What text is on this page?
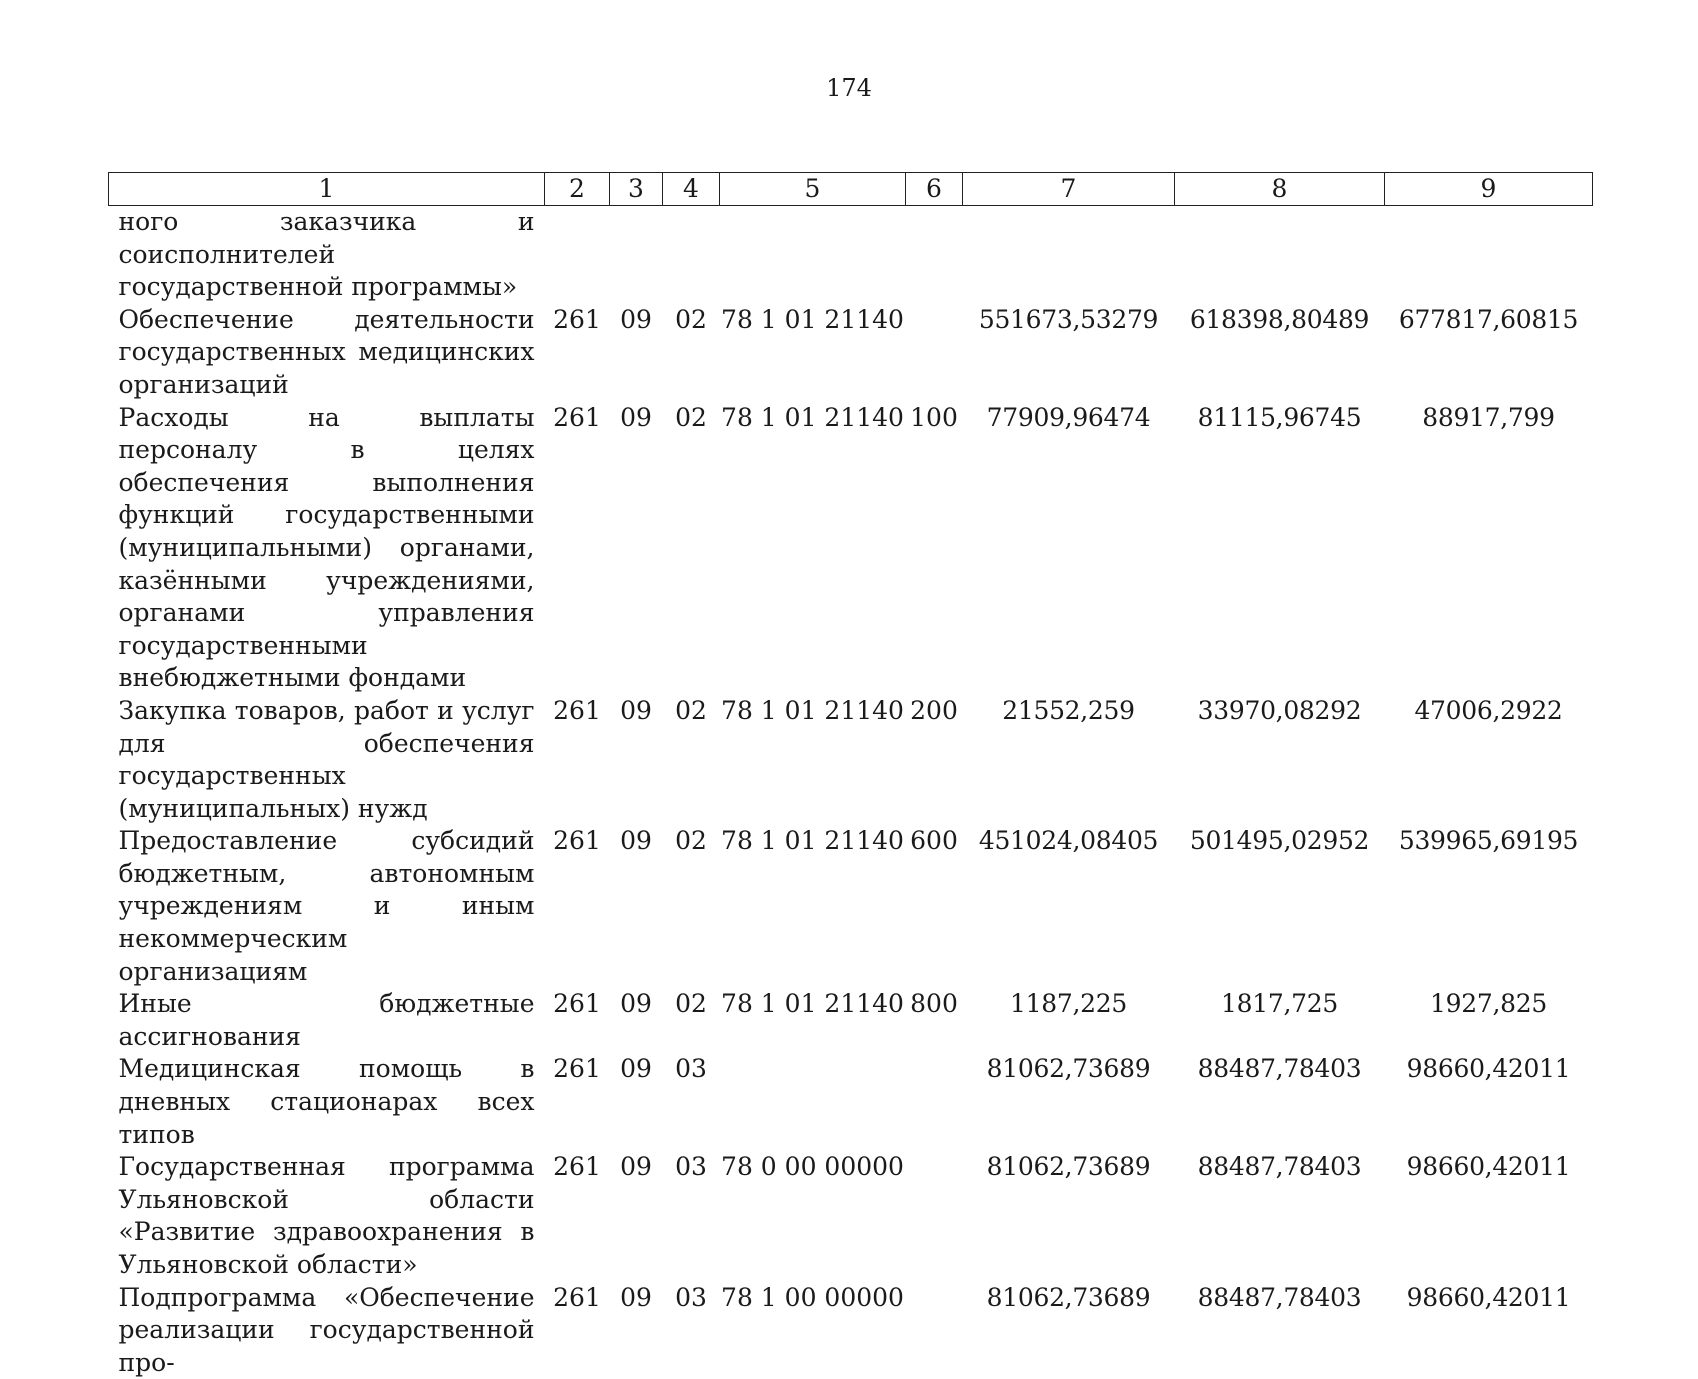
174
1	2	3	4	5	6	7	8	9
ного заказчика и соисполнителей государственной программы»								
Обеспечение деятельности государственных медицинских организаций	261	09	02	78 1 01 21140		551673,53279	618398,80489	677817,60815
Расходы на выплаты персоналу в целях обеспечения выполнения функций государственными (муниципальными) органами, казёнными учреждениями, органами управления государственными внебюджетными фондами	261	09	02	78 1 01 21140	100	77909,96474	81115,96745	88917,799
Закупка товаров, работ и услуг для обеспечения государственных (муниципальных) нужд	261	09	02	78 1 01 21140	200	21552,259	33970,08292	47006,2922
Предоставление субсидий бюджетным, автономным учреждениям и иным некоммерческим организациям	261	09	02	78 1 01 21140	600	451024,08405	501495,02952	539965,69195
Иные бюджетные ассигнования	261	09	02	78 1 01 21140	800	1187,225	1817,725	1927,825
Медицинская помощь в дневных стационарах всех типов	261	09	03			81062,73689	88487,78403	98660,42011
Государственная программа Ульяновской области «Развитие здравоохранения в Ульяновской области»	261	09	03	78 0 00 00000		81062,73689	88487,78403	98660,42011
Подпрограмма «Обеспечение реализации государственной про-	261	09	03	78 1 00 00000		81062,73689	88487,78403	98660,42011
